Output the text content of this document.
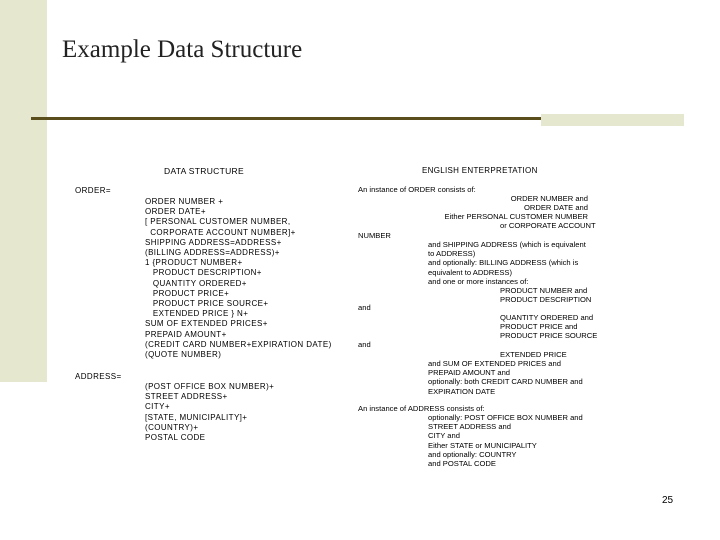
Example Data Structure
DATA STRUCTURE	ENGLISH ENTERPRETATION
ORDER=
ADDRESS=
ORDER NUMBER +
ORDER DATE+
[ PERSONAL CUSTOMER NUMBER,
CORPORATE ACCOUNT NUMBER]+
SHIPPING ADDRESS=ADDRESS+
(BILLING ADDRESS=ADDRESS)+
1 {PRODUCT NUMBER+
PRODUCT DESCRIPTION+
QUANTITY ORDERED+
PRODUCT PRICE+
PRODUCT PRICE SOURCE+
EXTENDED PRICE } N+
SUM OF EXTENDED PRICES+
PREPAID AMOUNT+
(CREDIT CARD NUMBER+EXPIRATION DATE)
(QUOTE NUMBER)
(POST OFFICE BOX NUMBER)+
STREET ADDRESS+
CITY+
[STATE, MUNICIPALITY]+
(COUNTRY)+
POSTAL CODE
NUMBER
and
and
An instance of ORDER consists of:
ORDER NUMBER and
ORDER DATE and
Either PERSONAL CUSTOMER NUMBER
or CORPORATE ACCOUNT
and SHIPPING ADDRESS (which is equivalent
to ADDRESS)
and optionally: BILLING ADDRESS (which is
equivalent to ADDRESS)
and one or more instances of:
PRODUCT NUMBER and
PRODUCT DESCRIPTION
QUANTITY ORDERED and
PRODUCT PRICE and
PRODUCT PRICE SOURCE
EXTENDED PRICE
and SUM OF EXTENDED PRICES and
PREPAID AMOUNT and
optionally: both CREDIT CARD NUMBER and
EXPIRATION DATE
An instance of ADDRESS consists of:
optionally: POST OFFICE BOX NUMBER and
STREET ADDRESS and
CITY and
Either STATE or MUNICIPALITY
and optionally: COUNTRY
and POSTAL CODE
25
